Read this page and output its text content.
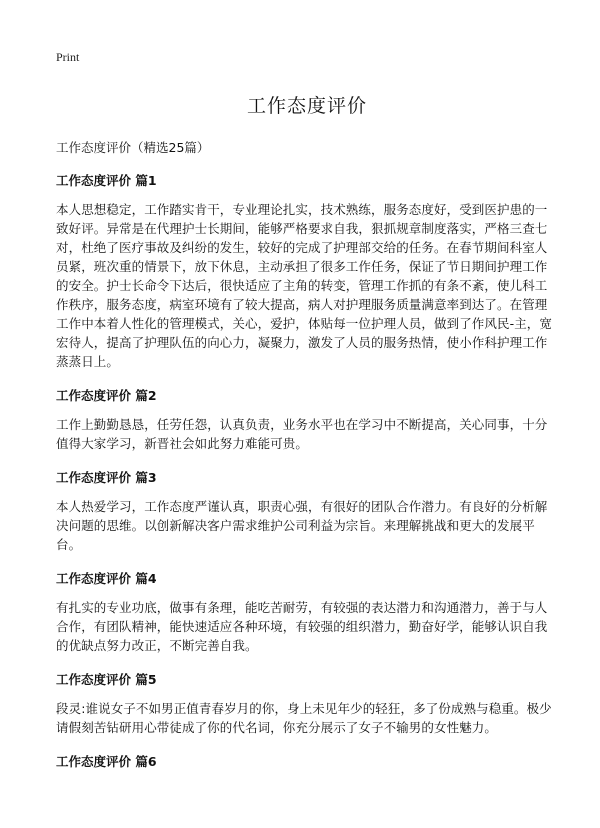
Print
工作态度评价
工作态度评价（精选25篇）
工作态度评价 篇1
本人思想稳定，工作踏实肯干，专业理论扎实，技术熟练，服务态度好，受到医护患的一致好评。异常是在代理护士长期间，能够严格要求自我，狠抓规章制度落实，严格三查七对，杜绝了医疗事故及纠纷的发生，较好的完成了护理部交给的任务。在春节期间科室人员紧，班次重的情景下，放下休息，主动承担了很多工作任务，保证了节日期间护理工作的安全。护士长命令下达后，很快适应了主角的转变，管理工作抓的有条不紊，使儿科工作秩序，服务态度，病室环境有了较大提高，病人对护理服务质量满意率到达了。在管理工作中本着人性化的管理模式，关心，爱护，体贴每一位护理人员，做到了作风民-主，宽宏待人，提高了护理队伍的向心力，凝聚力，激发了人员的服务热情，使小作科护理工作蒸蒸日上。
工作态度评价 篇2
工作上勤勤恳恳，任劳任怨，认真负责，业务水平也在学习中不断提高，关心同事，十分值得大家学习，新晋社会如此努力难能可贵。
工作态度评价 篇3
本人热爱学习，工作态度严谨认真，职责心强，有很好的团队合作潜力。有良好的分析解决问题的思维。以创新解决客户需求维护公司利益为宗旨。来理解挑战和更大的发展平台。
工作态度评价 篇4
有扎实的专业功底，做事有条理，能吃苦耐劳，有较强的表达潜力和沟通潜力，善于与人合作，有团队精神，能快速适应各种环境，有较强的组织潜力，勤奋好学，能够认识自我的优缺点努力改正，不断完善自我。
工作态度评价 篇5
段灵:谁说女子不如男正值青春岁月的你，身上未见年少的轻狂，多了份成熟与稳重。极少请假刻苦钻研用心带徒成了你的代名词，你充分展示了女子不输男的女性魅力。
工作态度评价 篇6
